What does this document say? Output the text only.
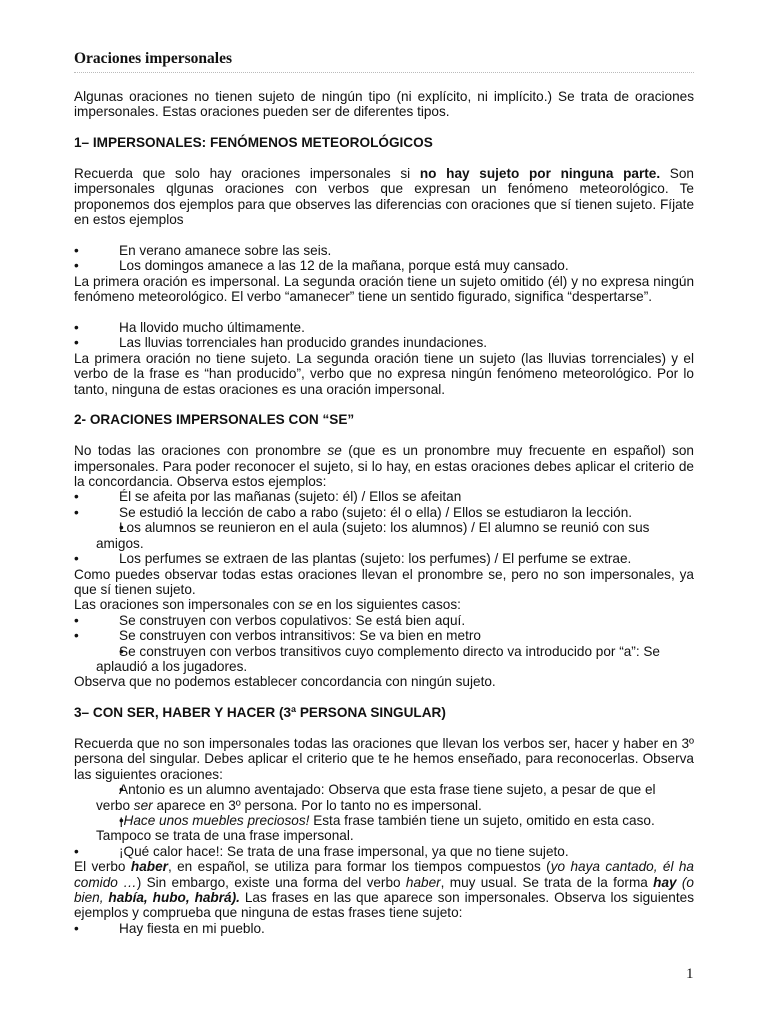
Oraciones impersonales

Algunas oraciones no tienen sujeto de ningún tipo (ni explícito, ni implícito.) Se trata de oraciones impersonales. Estas oraciones pueden ser de diferentes tipos.

1– IMPERSONALES: FENÓMENOS METEOROLÓGICOS

Recuerda que solo hay oraciones impersonales si no hay sujeto por ninguna parte. Son impersonales qlgunas oraciones con verbos que expresan un fenómeno meteorológico. Te proponemos dos ejemplos para que observes las diferencias con oraciones que sí tienen sujeto. Fíjate en estos ejemplos

• En verano amanece sobre las seis.
• Los domingos amanece a las 12 de la mañana, porque está muy cansado.

La primera oración es impersonal. La segunda oración tiene un sujeto omitido (él) y no expresa ningún fenómeno meteorológico. El verbo “amanecer” tiene un sentido figurado, significa “despertarse”.

• Ha llovido mucho últimamente.
• Las lluvias torrenciales han producido grandes inundaciones.

La primera oración no tiene sujeto. La segunda oración tiene un sujeto (las lluvias torrenciales) y el verbo de la frase es “han producido”, verbo que no expresa ningún fenómeno meteorológico. Por lo tanto, ninguna de estas oraciones es una oración impersonal.

2- ORACIONES IMPERSONALES CON “SE”

No todas las oraciones con pronombre se (que es un pronombre muy frecuente en español) son impersonales. Para poder reconocer el sujeto, si lo hay, en estas oraciones debes aplicar el criterio de la concordancia. Observa estos ejemplos:

• Él se afeita por las mañanas (sujeto: él) / Ellos se afeitan
• Se estudió la lección de cabo a rabo (sujeto: él o ella) / Ellos se estudiaron la lección.
• Los alumnos se reunieron en el aula (sujeto: los alumnos) / El alumno se reunió con sus
amigos.
• Los perfumes se extraen de las plantas (sujeto: los perfumes) / El perfume se extrae.

Como puedes observar todas estas oraciones llevan el pronombre se, pero no son impersonales, ya que sí tienen sujeto.

Las oraciones son impersonales con se en los siguientes casos:

• Se construyen con verbos copulativos: Se está bien aquí.
• Se construyen con verbos intransitivos: Se va bien en metro
• Se construyen con verbos transitivos cuyo complemento directo va introducido por “a”: Se
aplaudió a los jugadores.

Observa que no podemos establecer concordancia con ningún sujeto.

3– CON SER, HABER Y HACER (3ª PERSONA SINGULAR)

Recuerda que no son impersonales todas las oraciones que llevan los verbos ser, hacer y haber en 3º persona del singular. Debes aplicar el criterio que te he hemos enseñado, para reconocerlas. Observa las siguientes oraciones:

• Antonio es un alumno aventajado: Observa que esta frase tiene sujeto, a pesar de que el
verbo ser aparece en 3º persona. Por lo tanto no es impersonal.
• ¡Hace unos muebles preciosos! Esta frase también tiene un sujeto, omitido en esta caso.
Tampoco se trata de una frase impersonal.
• ¡Qué calor hace!: Se trata de una frase impersonal, ya que no tiene sujeto.

El verbo haber, en español, se utiliza para formar los tiempos compuestos (yo haya cantado, él ha comido …) Sin embargo, existe una forma del verbo haber, muy usual. Se trata de la forma hay (o bien, había, hubo, habrá). Las frases en las que aparece son impersonales. Observa los siguientes ejemplos y comprueba que ninguna de estas frases tiene sujeto:

• Hay fiesta en mi pueblo.
1
